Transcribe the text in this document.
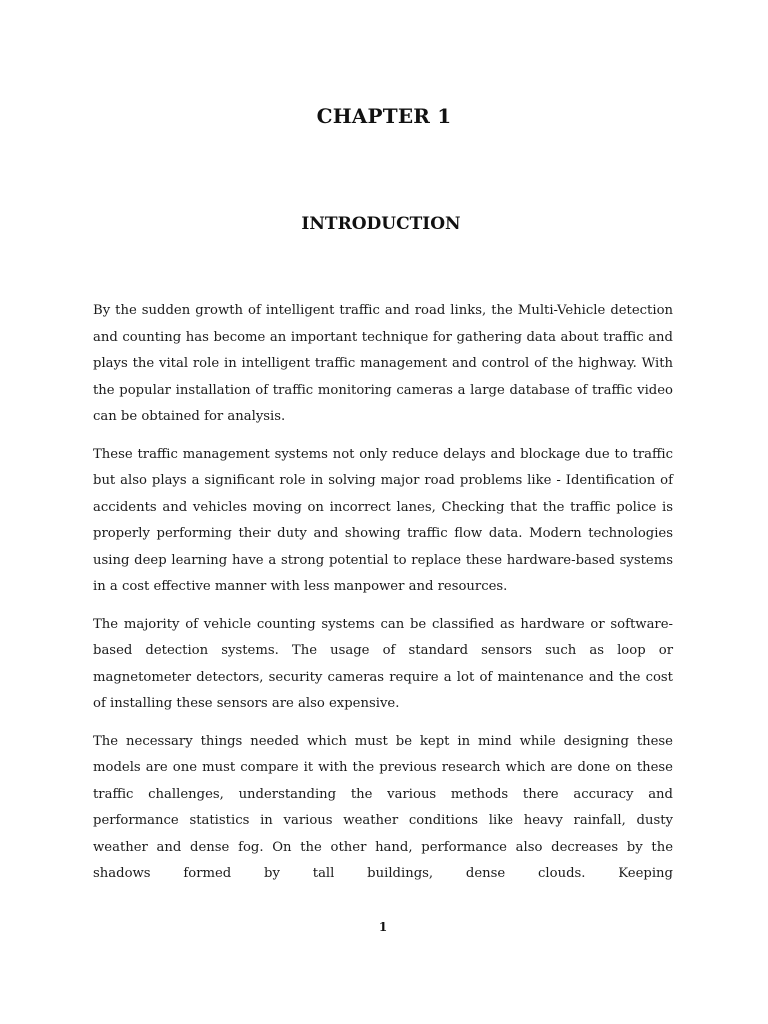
CHAPTER 1
INTRODUCTION

By the sudden growth of intelligent traffic and road links, the Multi-Vehicle detection and counting has become an important technique for gathering data about traffic and plays the vital role in intelligent traffic management and control of the highway. With the popular installation of traffic monitoring cameras a large database of traffic video can be obtained for analysis.

These traffic management systems not only reduce delays and blockage due to traffic but also plays a significant role in solving major road problems like - Identification of accidents and vehicles moving on incorrect lanes, Checking that the traffic police is properly performing their duty and showing traffic flow data. Modern technologies using deep learning have a strong potential to replace these hardware-based systems in a cost effective manner with less manpower and resources.

The majority of vehicle counting systems can be classified as hardware or software-based detection systems. The usage of standard sensors such as loop or magnetometer detectors, security cameras require a lot of maintenance and the cost of installing these sensors are also expensive.

The necessary things needed which must be kept in mind while designing these models are one must compare it with the previous research which are done on these traffic challenges, understanding the various methods there accuracy and performance statistics in various weather conditions like heavy rainfall, dusty weather and dense fog. On the other hand, performance also decreases by the shadows formed by tall buildings, dense clouds. Keeping

1
